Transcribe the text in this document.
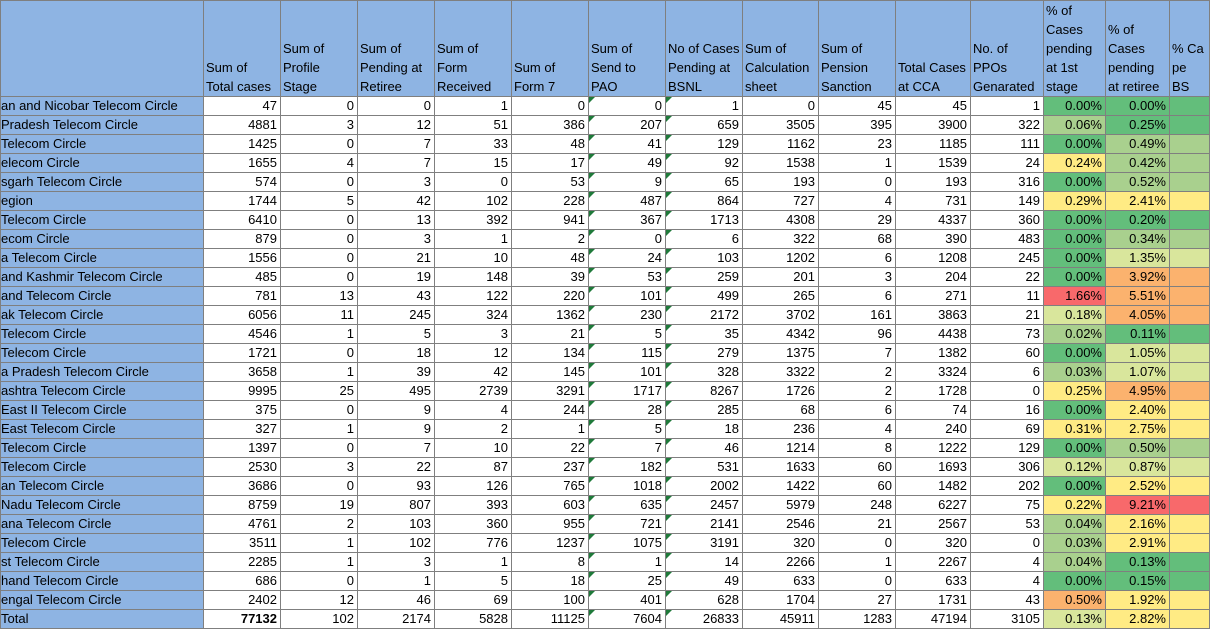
	Sum of Total cases	Sum of Profile Stage	Sum of Pending at Retiree	Sum of Form Received	Sum of Form 7	Sum of Send to PAO	No of Cases Pending at BSNL	Sum of Calculation sheet	Sum of Pension Sanction	Total Cases at CCA	No. of PPOs Genarated	% of Cases pending at 1st stage	% of Cases pending at retiree	% Ca pe BS
an and Nicobar Telecom Circle	47	0	0	1	0	0	1	0	45	45	1	0.00%	0.00%	
Pradesh Telecom Circle	4881	3	12	51	386	207	659	3505	395	3900	322	0.06%	0.25%	
Telecom Circle	1425	0	7	33	48	41	129	1162	23	1185	111	0.00%	0.49%	
elecom Circle	1655	4	7	15	17	49	92	1538	1	1539	24	0.24%	0.42%	
sgarh Telecom Circle	574	0	3	0	53	9	65	193	0	193	316	0.00%	0.52%	
egion	1744	5	42	102	228	487	864	727	4	731	149	0.29%	2.41%	
Telecom Circle	6410	0	13	392	941	367	1713	4308	29	4337	360	0.00%	0.20%	
ecom Circle	879	0	3	1	2	0	6	322	68	390	483	0.00%	0.34%	
a Telecom Circle	1556	0	21	10	48	24	103	1202	6	1208	245	0.00%	1.35%	
and Kashmir Telecom Circle	485	0	19	148	39	53	259	201	3	204	22	0.00%	3.92%	
and Telecom Circle	781	13	43	122	220	101	499	265	6	271	11	1.66%	5.51%	
ak Telecom Circle	6056	11	245	324	1362	230	2172	3702	161	3863	21	0.18%	4.05%	
Telecom Circle	4546	1	5	3	21	5	35	4342	96	4438	73	0.02%	0.11%	
Telecom Circle	1721	0	18	12	134	115	279	1375	7	1382	60	0.00%	1.05%	
a Pradesh Telecom Circle	3658	1	39	42	145	101	328	3322	2	3324	6	0.03%	1.07%	
ashtra Telecom Circle	9995	25	495	2739	3291	1717	8267	1726	2	1728	0	0.25%	4.95%	
East II Telecom Circle	375	0	9	4	244	28	285	68	6	74	16	0.00%	2.40%	
East Telecom Circle	327	1	9	2	1	5	18	236	4	240	69	0.31%	2.75%	
Telecom Circle	1397	0	7	10	22	7	46	1214	8	1222	129	0.00%	0.50%	
Telecom Circle	2530	3	22	87	237	182	531	1633	60	1693	306	0.12%	0.87%	
an Telecom Circle	3686	0	93	126	765	1018	2002	1422	60	1482	202	0.00%	2.52%	
Nadu Telecom Circle	8759	19	807	393	603	635	2457	5979	248	6227	75	0.22%	9.21%	
ana Telecom Circle	4761	2	103	360	955	721	2141	2546	21	2567	53	0.04%	2.16%	
Telecom Circle	3511	1	102	776	1237	1075	3191	320	0	320	0	0.03%	2.91%	
st Telecom Circle	2285	1	3	1	8	1	14	2266	1	2267	4	0.04%	0.13%	
hand Telecom Circle	686	0	1	5	18	25	49	633	0	633	4	0.00%	0.15%	
engal Telecom Circle	2402	12	46	69	100	401	628	1704	27	1731	43	0.50%	1.92%	
Total	77132	102	2174	5828	11125	7604	26833	45911	1283	47194	3105	0.13%	2.82%	
